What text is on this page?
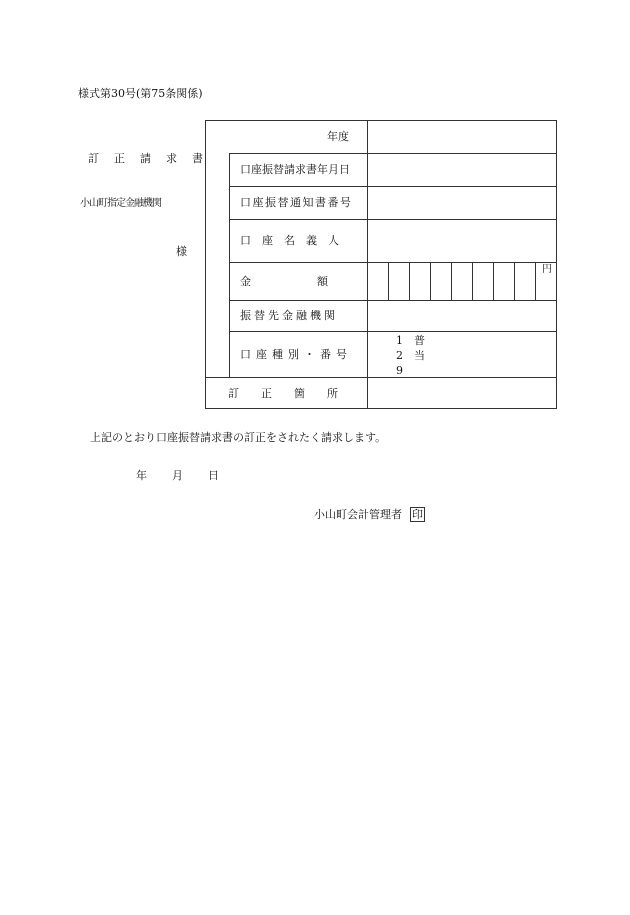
様式第30号(第75条関係)
訂　正　請　求　書
小山町指定金融機関
様
年度
口座振替請求書年月日
口座振替通知書番号
口　座　名　義　人
金　　　　　　額
円
振替先金融機関
口座種別・番号
1　普
2　当
9
訂　　正　　箇　　所
上記のとおり口座振替請求書の訂正をされたく請求します。
年 月 日
小山町会計管理者 印
